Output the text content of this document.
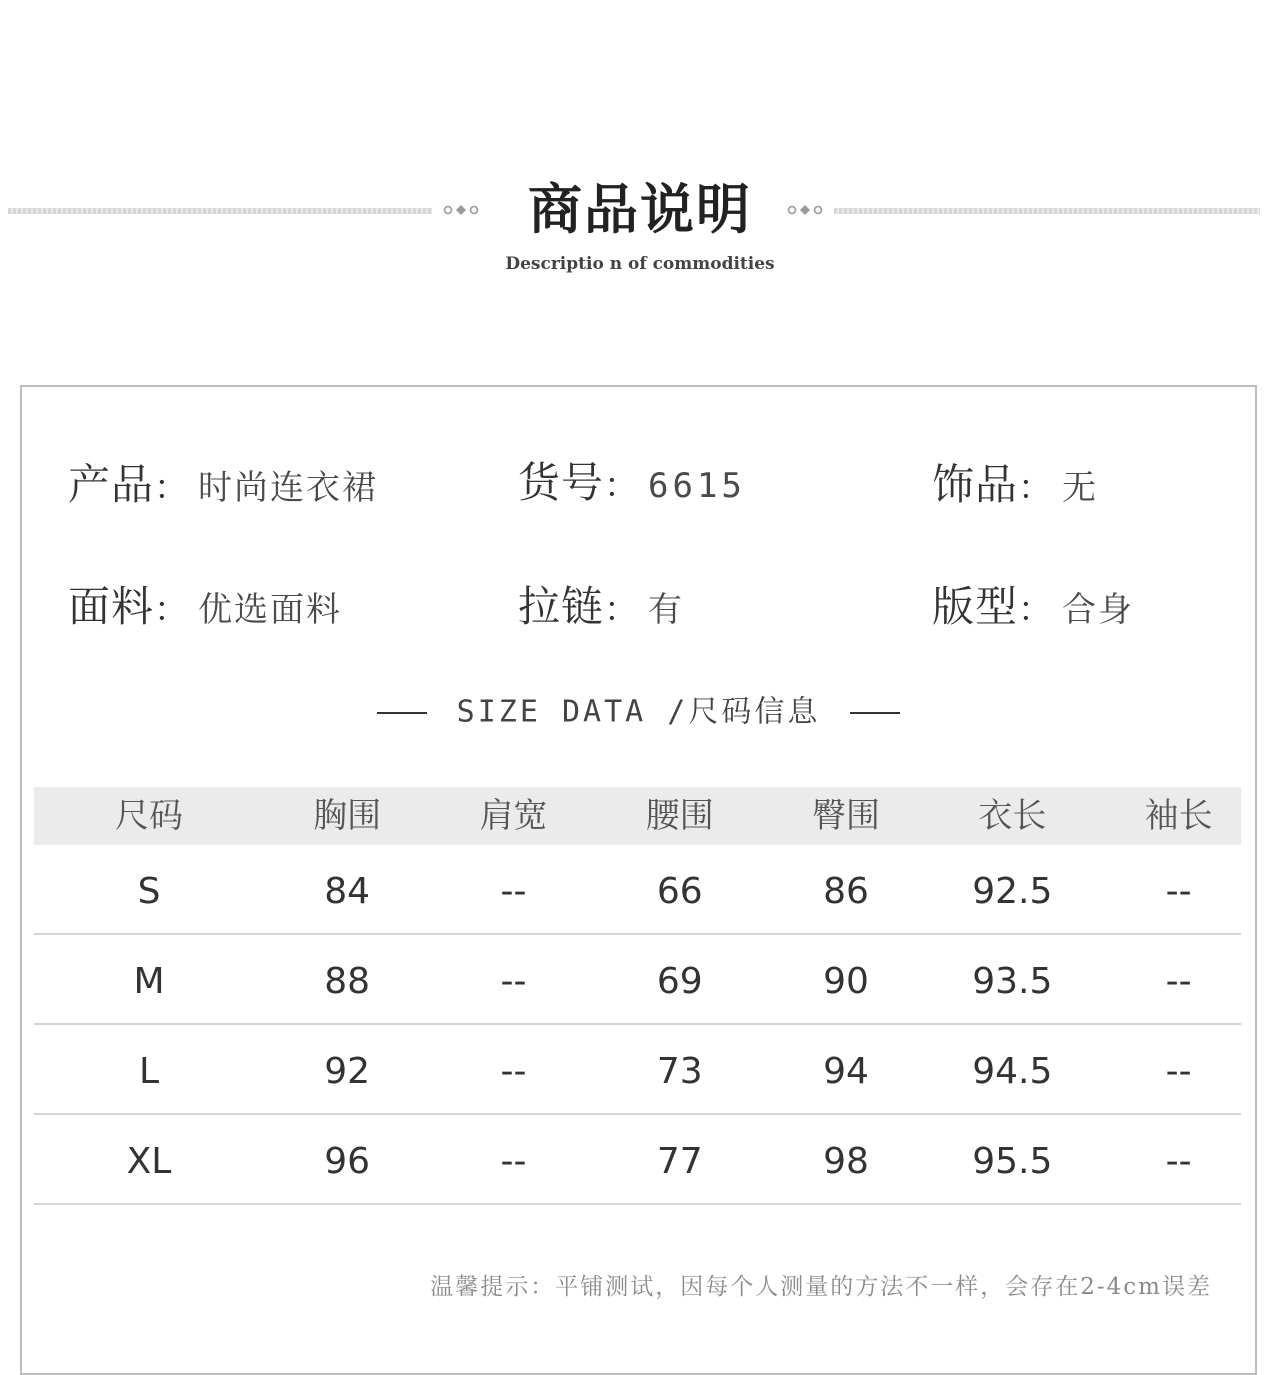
商品说明
Descriptio n of commodities
产品： 时尚连衣裙	货号： 6615	饰品： 无
面料： 优选面料	拉链： 有	版型： 合身
SIZE DATA /尺码信息
尺码	胸围	肩宽	腰围	臀围	衣长	袖长
S	84	--	66	86	92.5	--
M	88	--	69	90	93.5	--
L	92	--	73	94	94.5	--
XL	96	--	77	98	95.5	--
温馨提示：平铺测试，因每个人测量的方法不一样，会存在2-4cm误差
